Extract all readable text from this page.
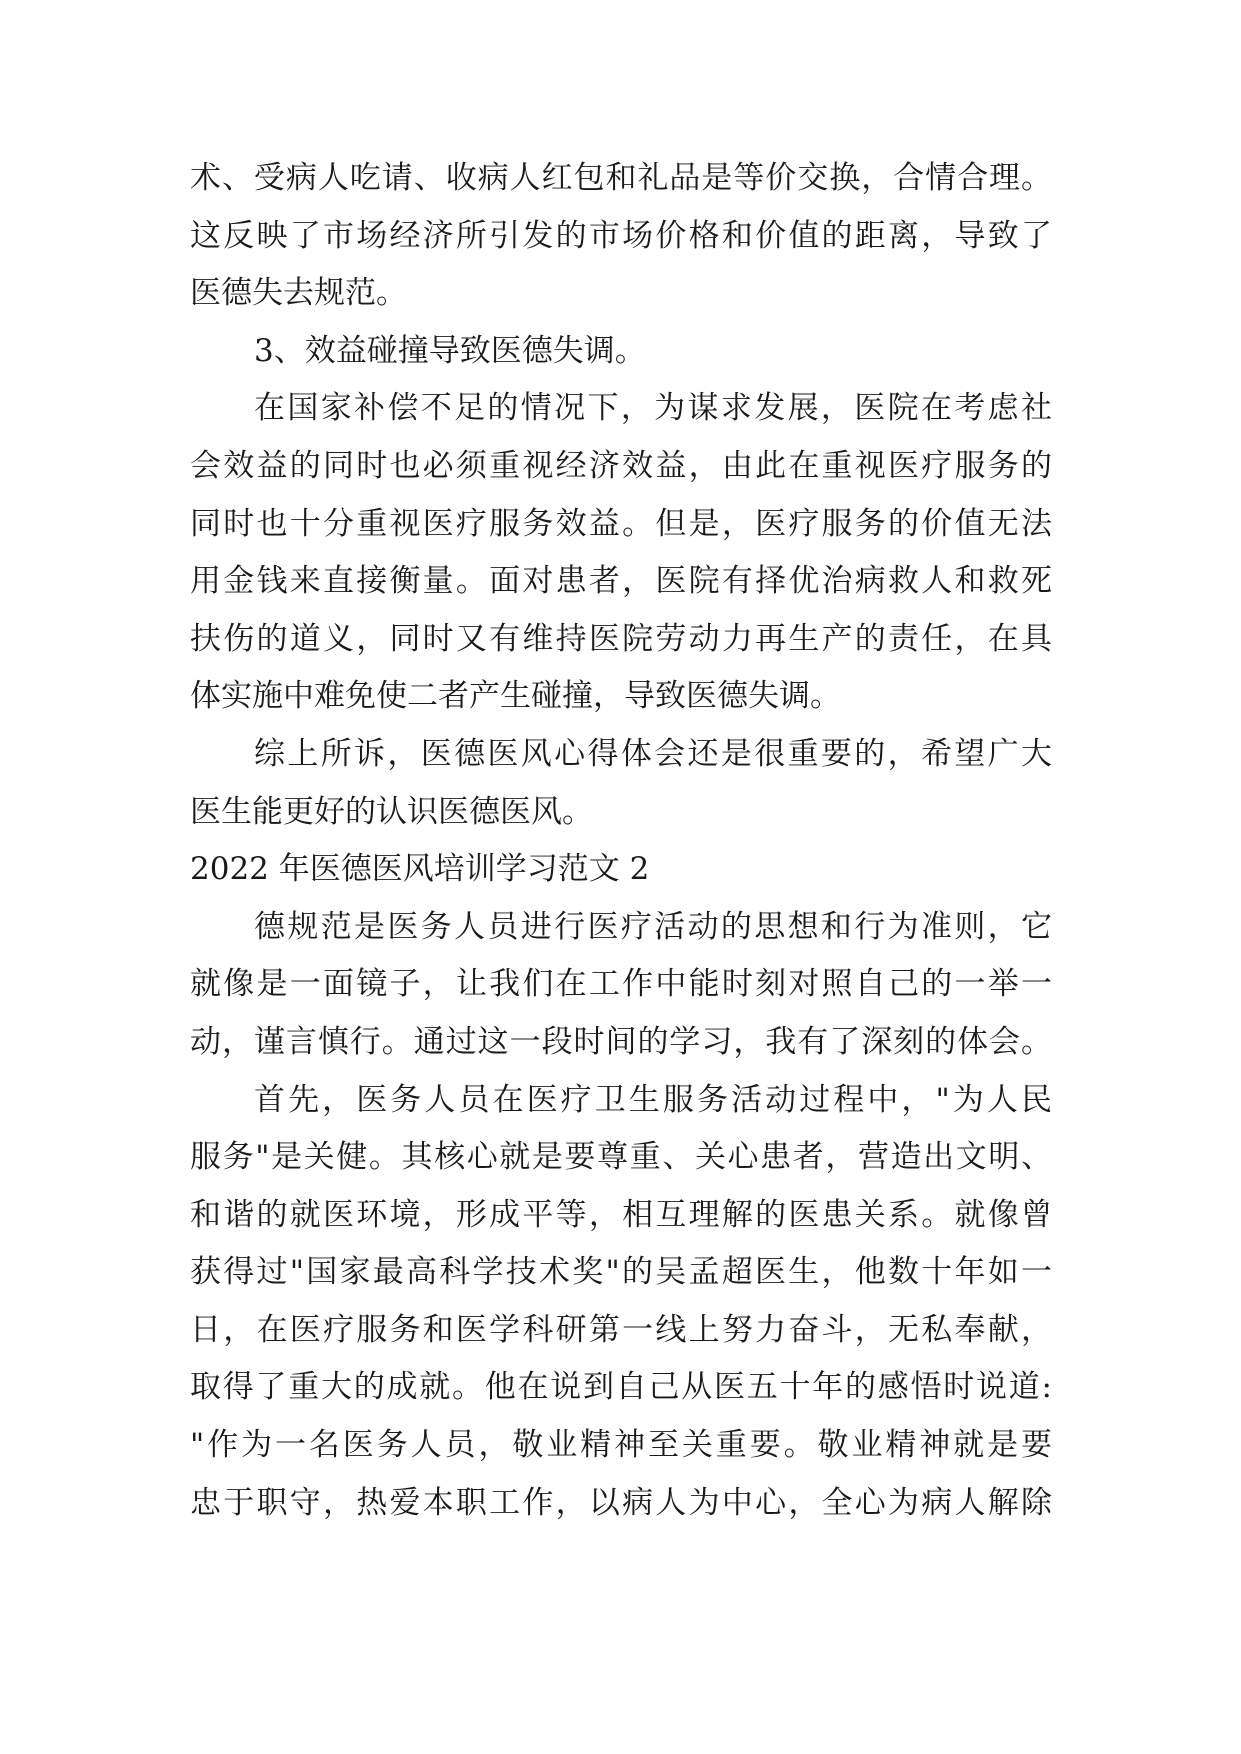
术、受病人吃请、收病人红包和礼品是等价交换，合情合理。
这反映了市场经济所引发的市场价格和价值的距离，导致了
医德失去规范。
3、效益碰撞导致医德失调。
在国家补偿不足的情况下，为谋求发展，医院在考虑社
会效益的同时也必须重视经济效益，由此在重视医疗服务的
同时也十分重视医疗服务效益。但是，医疗服务的价值无法
用金钱来直接衡量。面对患者，医院有择优治病救人和救死
扶伤的道义，同时又有维持医院劳动力再生产的责任，在具
体实施中难免使二者产生碰撞，导致医德失调。
综上所诉，医德医风心得体会还是很重要的，希望广大
医生能更好的认识医德医风。
2022 年医德医风培训学习范文 2
德规范是医务人员进行医疗活动的思想和行为准则，它
就像是一面镜子，让我们在工作中能时刻对照自己的一举一
动，谨言慎行。通过这一段时间的学习，我有了深刻的体会。
首先，医务人员在医疗卫生服务活动过程中，"为人民
服务"是关健。其核心就是要尊重、关心患者，营造出文明、
和谐的就医环境，形成平等，相互理解的医患关系。就像曾
获得过"国家最高科学技术奖"的吴孟超医生，他数十年如一
日，在医疗服务和医学科研第一线上努力奋斗，无私奉献，
取得了重大的成就。他在说到自己从医五十年的感悟时说道:
"作为一名医务人员，敬业精神至关重要。敬业精神就是要
忠于职守，热爱本职工作，以病人为中心，全心为病人解除
